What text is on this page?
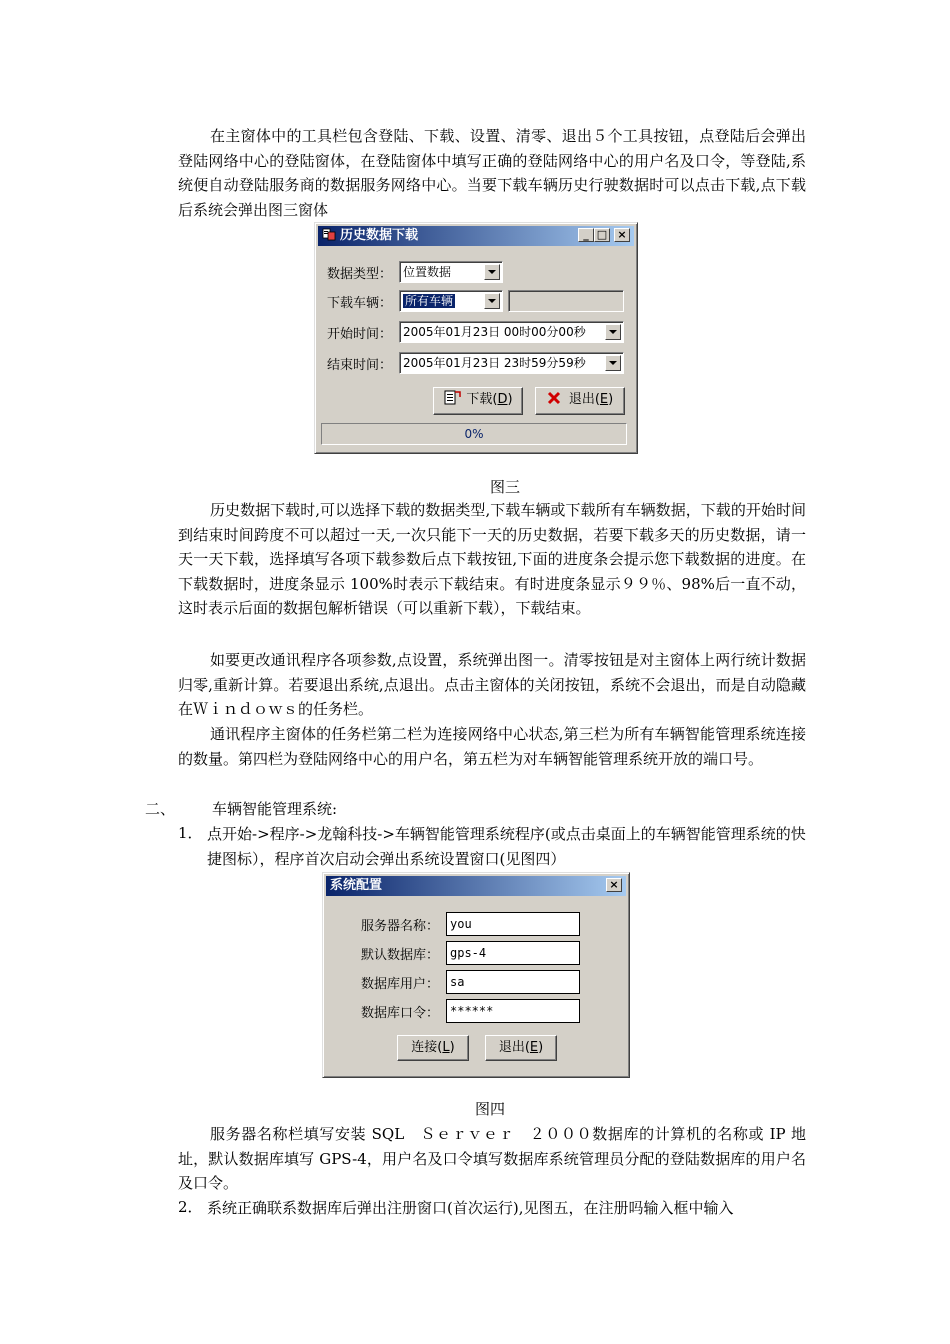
在主窗体中的工具栏包含登陆、下载、设置、清零、退出５个工具按钮，点登陆后会弹出登陆网络中心的登陆窗体，在登陆窗体中填写正确的登陆网络中心的用户名及口令，等登陆,系统便自动登陆服务商的数据服务网络中心。当要下载车辆历史行驶数据时可以点击下载,点下载后系统会弹出图三窗体
历史数据下载	_ □ ×
数据类型： 位置数据
下载车辆：	所有车辆
开始时间： 2005年01月23日 00时00分00秒
结束时间： 2005年01月23日 23时59分59秒
下载(D)	退出(E)
0%
图三
历史数据下载时,可以选择下载的数据类型,下载车辆或下载所有车辆数据，下载的开始时间到结束时间跨度不可以超过一天,一次只能下一天的历史数据，若要下载多天的历史数据，请一天一天下载，选择填写各项下载参数后点下载按钮,下面的进度条会提示您下载数据的进度。在下载数据时，进度条显示 100%时表示下载结束。有时进度条显示９９％、98%后一直不动，这时表示后面的数据包解析错误（可以重新下载），下载结束。
如要更改通讯程序各项参数,点设置，系统弹出图一。清零按钮是对主窗体上两行统计数据归零,重新计算。若要退出系统,点退出。点击主窗体的关闭按钮，系统不会退出，而是自动隐藏在Ｗｉｎｄｏｗｓ的任务栏。
通讯程序主窗体的任务栏第二栏为连接网络中心状态,第三栏为所有车辆智能管理系统连接的数量。第四栏为登陆网络中心的用户名，第五栏为对车辆智能管理系统开放的端口号。
二、 车辆智能管理系统:
1． 点开始->程序->龙翰科技->车辆智能管理系统程序(或点击桌面上的车辆智能管理系统的快捷图标），程序首次启动会弹出系统设置窗口(见图四）
系统配置	×
服务器名称： you
默认数据库： gps-4
数据库用户： sa
数据库口令： ******
连接(L)	退出(E)
图四
服务器名称栏填写安装 SQL　Ｓｅｒｖｅｒ　２０００数据库的计算机的名称或 IP 地址，默认数据库填写 GPS-4，用户名及口令填写数据库系统管理员分配的登陆数据库的用户名及口令。
2． 系统正确联系数据库后弹出注册窗口(首次运行),见图五，在注册吗输入框中输入
